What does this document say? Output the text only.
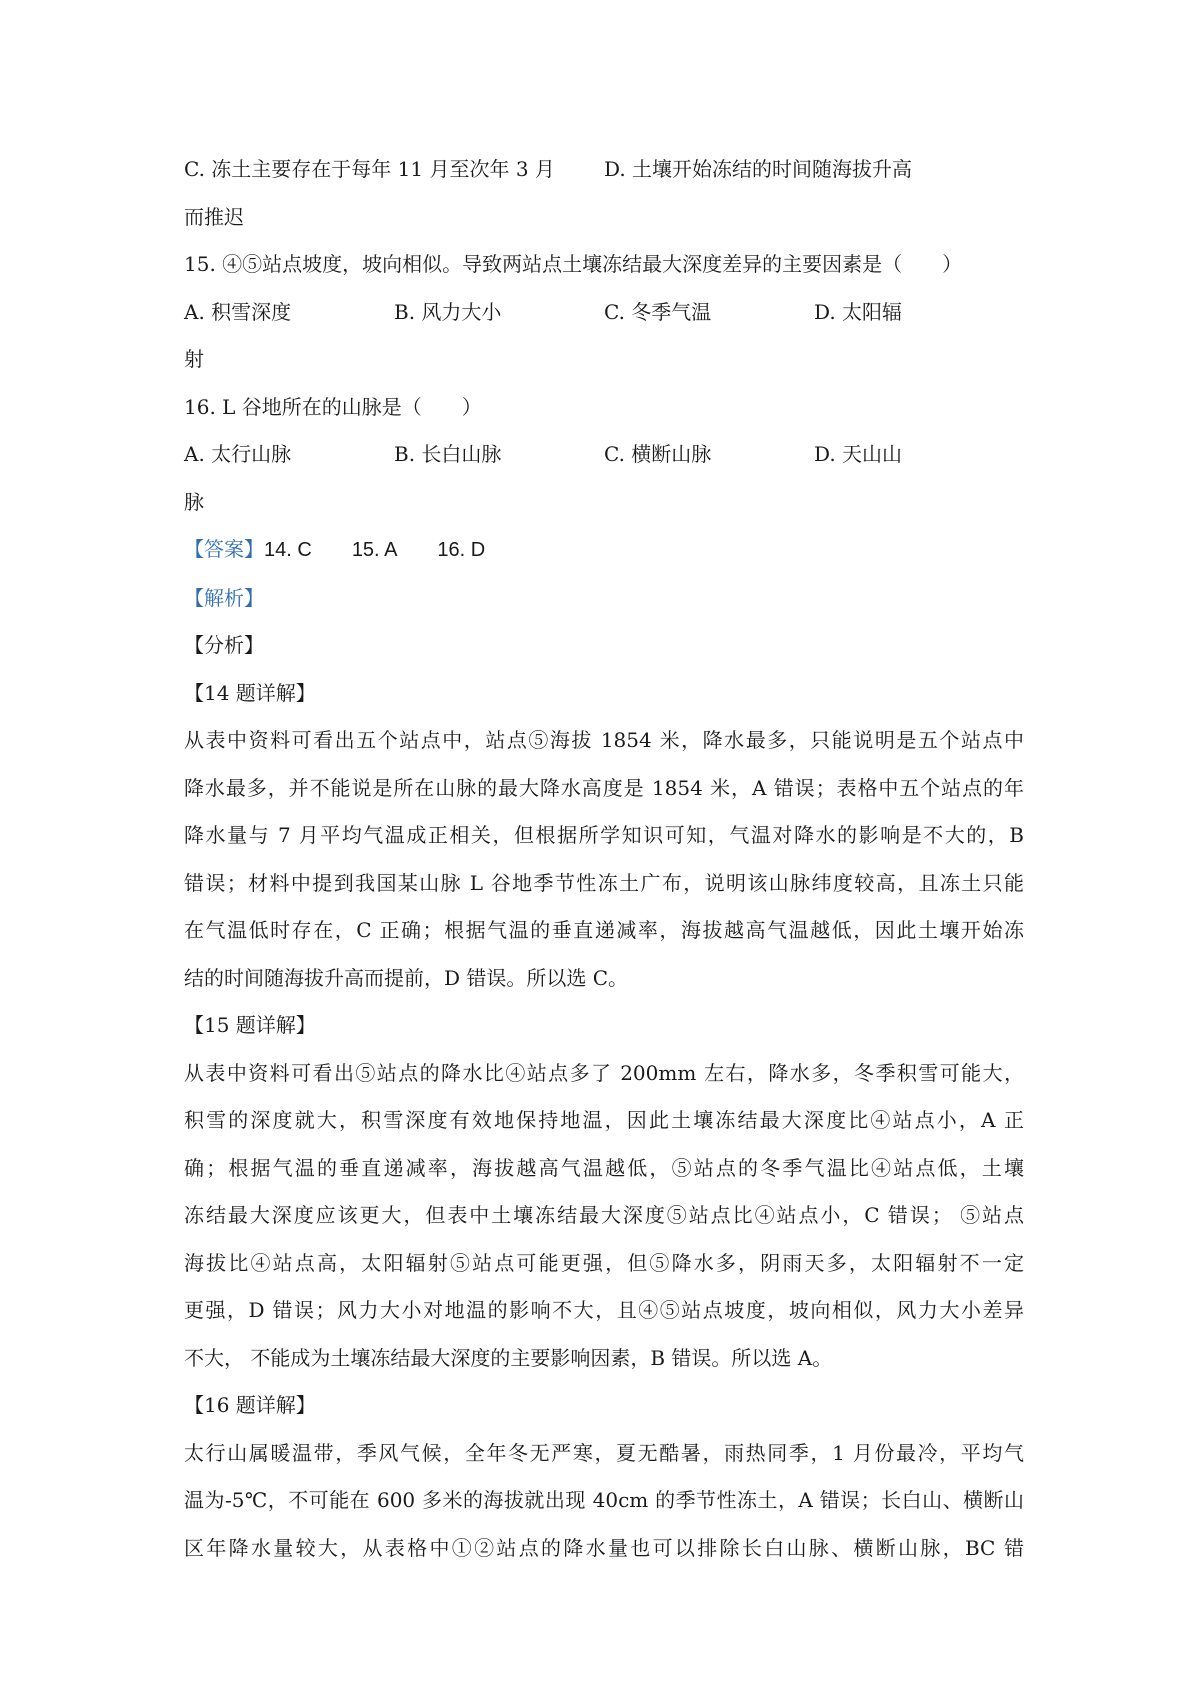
C. 冻土主要存在于每年 11 月至次年 3 月	D. 土壤开始冻结的时间随海拔升高
而推迟
15. ④⑤站点坡度，坡向相似。导致两站点土壤冻结最大深度差异的主要因素是（　　）
A. 积雪深度	B. 风力大小	C. 冬季气温	D. 太阳辐
射
16. L 谷地所在的山脉是（　　）
A. 太行山脉	B. 长白山脉	C. 横断山脉	D. 天山山
脉
【答案】14. C 15. A 16. D
【解析】
【分析】
【14 题详解】
从表中资料可看出五个站点中，站点⑤海拔 1854 米，降水最多，只能说明是五个站点中
降水最多，并不能说是所在山脉的最大降水高度是 1854 米，A 错误；表格中五个站点的年
降水量与 7 月平均气温成正相关，但根据所学知识可知，气温对降水的影响是不大的，B
错误；材料中提到我国某山脉 L 谷地季节性冻土广布，说明该山脉纬度较高，且冻土只能
在气温低时存在，C 正确；根据气温的垂直递减率，海拔越高气温越低，因此土壤开始冻
结的时间随海拔升高而提前，D 错误。所以选 C。
【15 题详解】
从表中资料可看出⑤站点的降水比④站点多了 200mm 左右，降水多，冬季积雪可能大，
积雪的深度就大，积雪深度有效地保持地温，因此土壤冻结最大深度比④站点小，A 正
确；根据气温的垂直递减率，海拔越高气温越低，⑤站点的冬季气温比④站点低，土壤
冻结最大深度应该更大，但表中土壤冻结最大深度⑤站点比④站点小，C 错误； ⑤站点
海拔比④站点高，太阳辐射⑤站点可能更强，但⑤降水多，阴雨天多，太阳辐射不一定
更强，D 错误；风力大小对地温的影响不大，且④⑤站点坡度，坡向相似，风力大小差异
不大， 不能成为土壤冻结最大深度的主要影响因素，B 错误。所以选 A。
【16 题详解】
太行山属暖温带，季风气候，全年冬无严寒，夏无酷暑，雨热同季，1 月份最冷，平均气
温为-5℃，不可能在 600 多米的海拔就出现 40cm 的季节性冻土，A 错误；长白山、横断山
区年降水量较大，从表格中①②站点的降水量也可以排除长白山脉、横断山脉，BC 错
